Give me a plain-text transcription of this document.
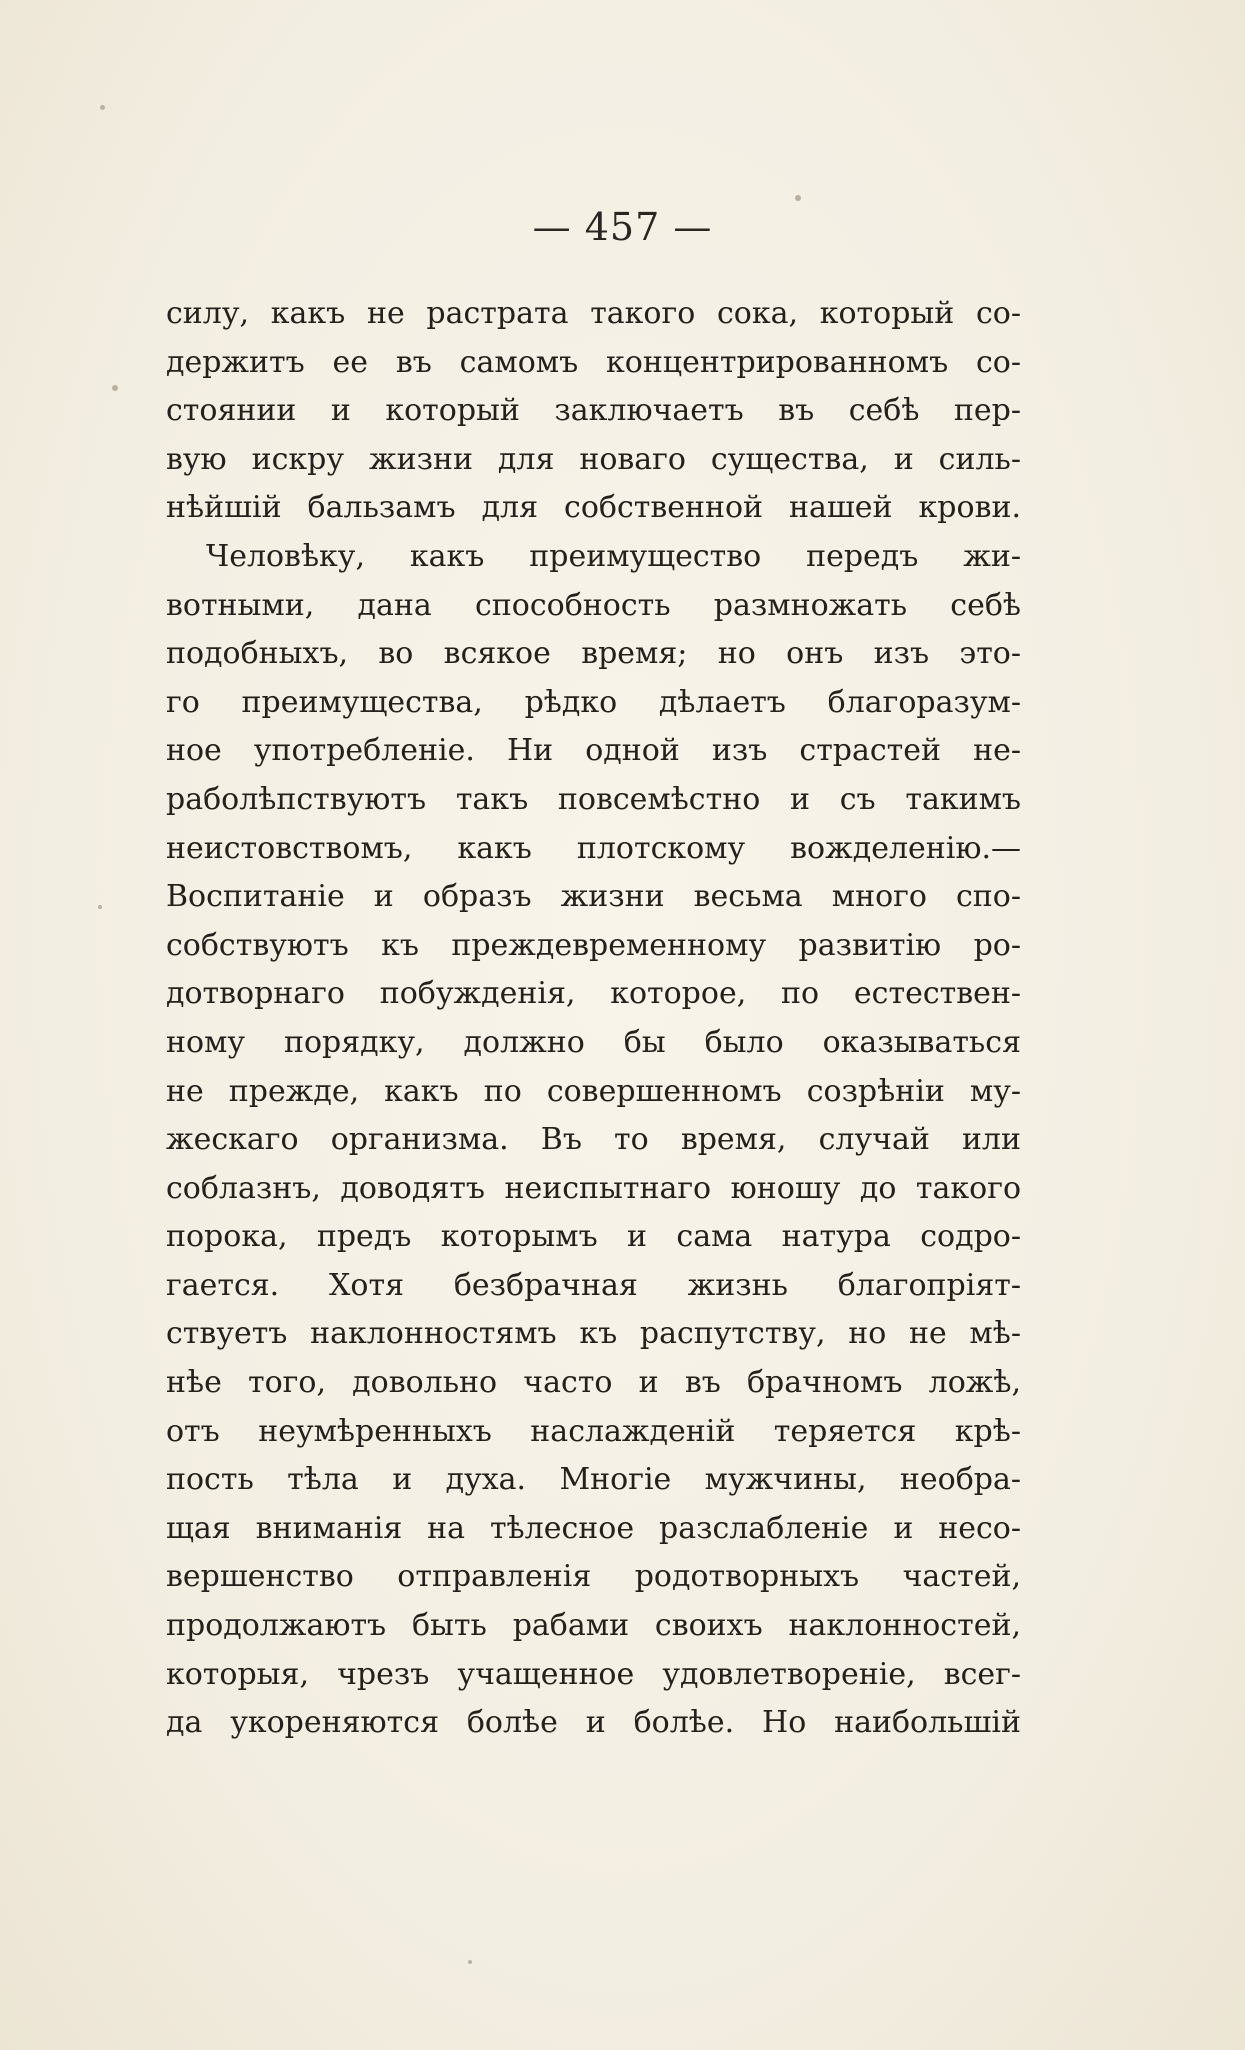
— 457 —
силу, какъ не растрата такого сока, который со-
держитъ ее въ самомъ концентрированномъ со-
стоянии и который заключаетъ въ себѣ пер-
вую искру жизни для новаго существа, и силь-
нѣйшій бальзамъ для собственной нашей крови.
Человѣку, какъ преимущество передъ жи-
вотными, дана способность размножать себѣ
подобныхъ, во всякое время; но онъ изъ это-
го преимущества, рѣдко дѣлаетъ благоразум-
ное употребленіе. Ни одной изъ страстей не-
раболѣпствуютъ такъ повсемѣстно и съ такимъ
неистовствомъ, какъ плотскому вожделенію.—
Воспитаніе и образъ жизни весьма много спо-
собствуютъ къ преждевременному развитію ро-
дотворнаго побужденія, которое, по естествен-
ному порядку, должно бы было оказываться
не прежде, какъ по совершенномъ созрѣніи му-
жескаго организма. Въ то время, случай или
соблазнъ, доводятъ неиспытнаго юношу до такого
порока, предъ которымъ и сама натура содро-
гается. Хотя безбрачная жизнь благопріят-
ствуетъ наклонностямъ къ распутству, но не мѣ-
нѣе того, довольно часто и въ брачномъ ложѣ,
отъ неумѣренныхъ наслажденій теряется крѣ-
пость тѣла и духа. Многіе мужчины, необра-
щая вниманія на тѣлесное разслабленіе и несо-
вершенство отправленія родотворныхъ частей,
продолжаютъ быть рабами своихъ наклонностей,
которыя, чрезъ учащенное удовлетвореніе, всег-
да укореняются болѣе и болѣе. Но наибольшій
